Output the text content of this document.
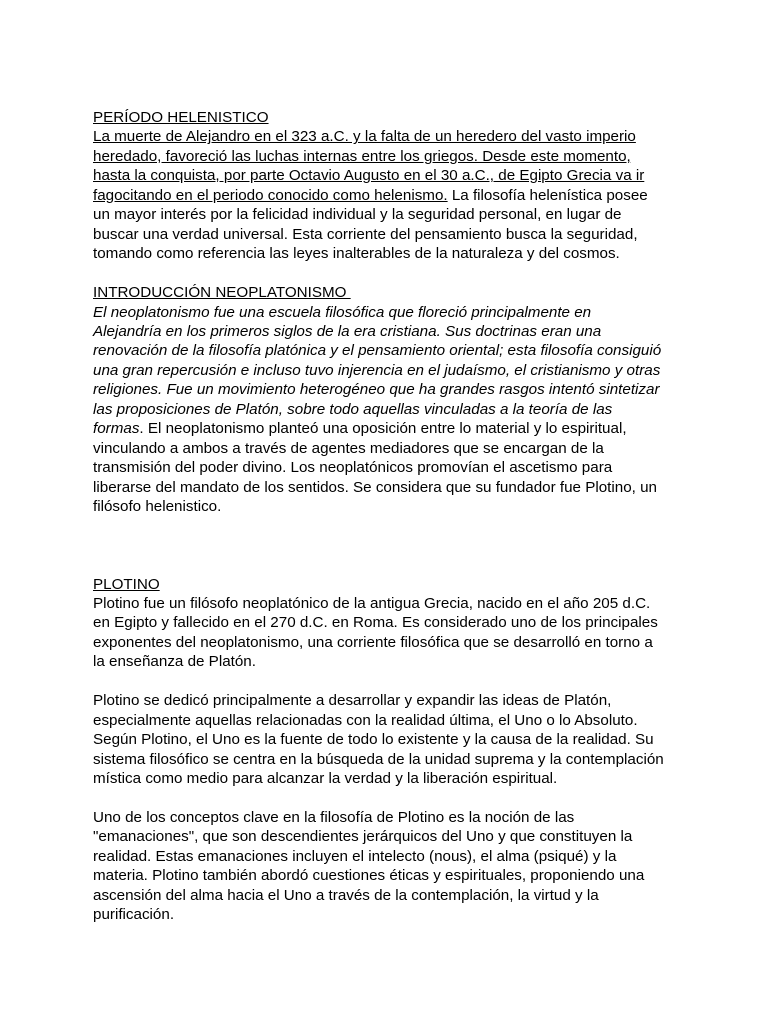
PERÍODO HELENISTICO

La muerte de Alejandro en el 323 a.C. y la falta de un heredero del vasto imperio
heredado, favoreció las luchas internas entre los griegos. Desde este momento,
hasta la conquista, por parte Octavio Augusto en el 30 a.C., de Egipto Grecia va ir
fagocitando en el periodo conocido como helenismo. La filosofía helenística posee
un mayor interés por la felicidad individual y la seguridad personal, en lugar de
buscar una verdad universal. Esta corriente del pensamiento busca la seguridad,
tomando como referencia las leyes inalterables de la naturaleza y del cosmos.

INTRODUCCIÓN NEOPLATONISMO

El neoplatonismo fue una escuela filosófica que floreció principalmente en
Alejandría en los primeros siglos de la era cristiana. Sus doctrinas eran una
renovación de la filosofía platónica y el pensamiento oriental; esta filosofía consiguió
una gran repercusión e incluso tuvo injerencia en el judaísmo, el cristianismo y otras
religiones. Fue un movimiento heterogéneo que ha grandes rasgos intentó sintetizar
las proposiciones de Platón, sobre todo aquellas vinculadas a la teoría de las
formas. El neoplatonismo planteó una oposición entre lo material y lo espiritual,
vinculando a ambos a través de agentes mediadores que se encargan de la
transmisión del poder divino. Los neoplatónicos promovían el ascetismo para
liberarse del mandato de los sentidos. Se considera que su fundador fue Plotino, un
filósofo helenistico.

PLOTINO

Plotino fue un filósofo neoplatónico de la antigua Grecia, nacido en el año 205 d.C.
en Egipto y fallecido en el 270 d.C. en Roma. Es considerado uno de los principales
exponentes del neoplatonismo, una corriente filosófica que se desarrolló en torno a
la enseñanza de Platón.

Plotino se dedicó principalmente a desarrollar y expandir las ideas de Platón,
especialmente aquellas relacionadas con la realidad última, el Uno o lo Absoluto.
Según Plotino, el Uno es la fuente de todo lo existente y la causa de la realidad. Su
sistema filosófico se centra en la búsqueda de la unidad suprema y la contemplación
mística como medio para alcanzar la verdad y la liberación espiritual.

Uno de los conceptos clave en la filosofía de Plotino es la noción de las
"emanaciones", que son descendientes jerárquicos del Uno y que constituyen la
realidad. Estas emanaciones incluyen el intelecto (nous), el alma (psiqué) y la
materia. Plotino también abordó cuestiones éticas y espirituales, proponiendo una
ascensión del alma hacia el Uno a través de la contemplación, la virtud y la
purificación.
